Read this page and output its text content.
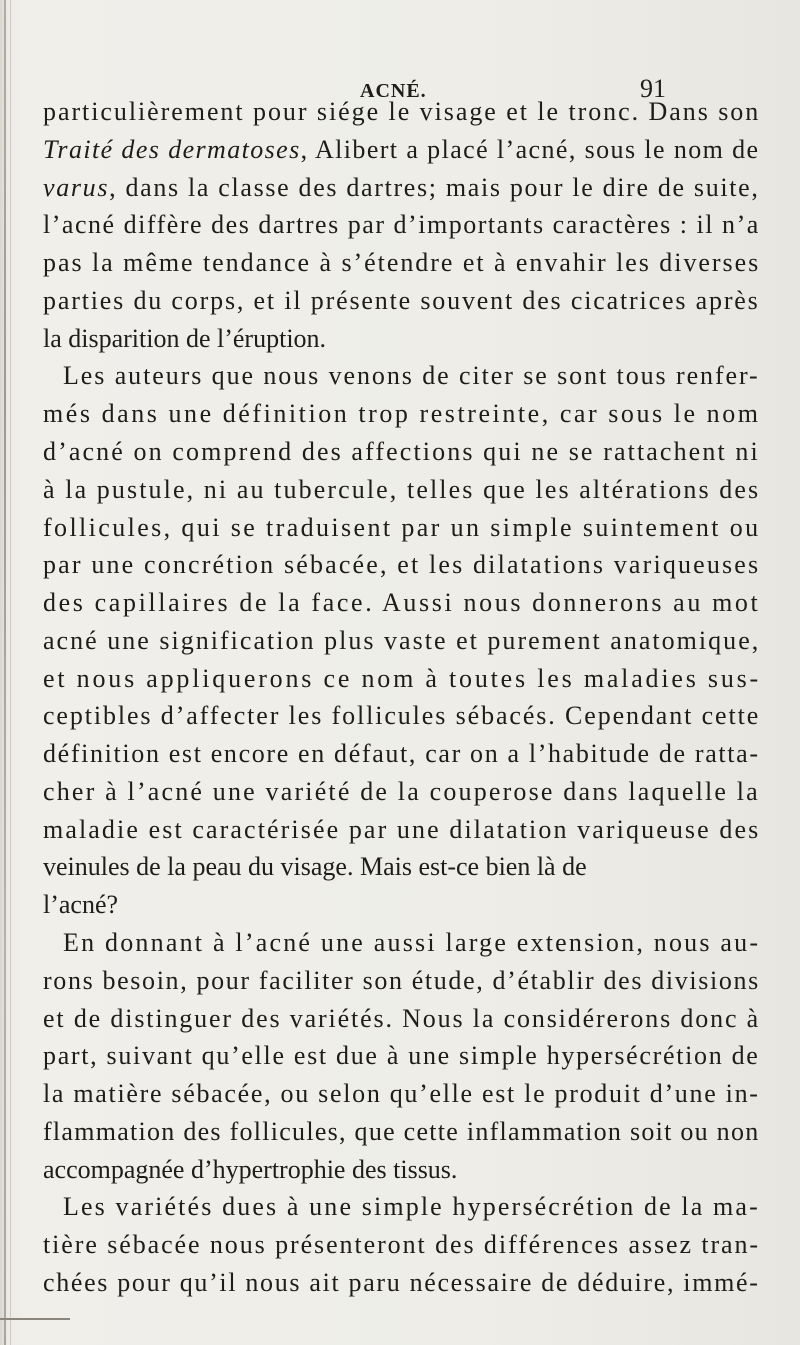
ACNÉ.	91
particulièrement pour siége le visage et le tronc. Dans son
Traité des dermatoses, Alibert a placé l’acné, sous le nom de
varus, dans la classe des dartres; mais pour le dire de suite,
l’acné diffère des dartres par d’importants caractères : il n’a
pas la même tendance à s’étendre et à envahir les diverses
parties du corps, et il présente souvent des cicatrices après
la disparition de l’éruption.
Les auteurs que nous venons de citer se sont tous renfer-
més dans une définition trop restreinte, car sous le nom
d’acné on comprend des affections qui ne se rattachent ni
à la pustule, ni au tubercule, telles que les altérations des
follicules, qui se traduisent par un simple suintement ou
par une concrétion sébacée, et les dilatations variqueuses
des capillaires de la face. Aussi nous donnerons au mot
acné une signification plus vaste et purement anatomique,
et nous appliquerons ce nom à toutes les maladies sus-
ceptibles d’affecter les follicules sébacés. Cependant cette
définition est encore en défaut, car on a l’habitude de ratta-
cher à l’acné une variété de la couperose dans laquelle la
maladie est caractérisée par une dilatation variqueuse des
veinules de la peau du visage. Mais est-ce bien là de
l’acné?
En donnant à l’acné une aussi large extension, nous au-
rons besoin, pour faciliter son étude, d’établir des divisions
et de distinguer des variétés. Nous la considérerons donc à
part, suivant qu’elle est due à une simple hypersécrétion de
la matière sébacée, ou selon qu’elle est le produit d’une in-
flammation des follicules, que cette inflammation soit ou non
accompagnée d’hypertrophie des tissus.
Les variétés dues à une simple hypersécrétion de la ma-
tière sébacée nous présenteront des différences assez tran-
chées pour qu’il nous ait paru nécessaire de déduire, immé-
